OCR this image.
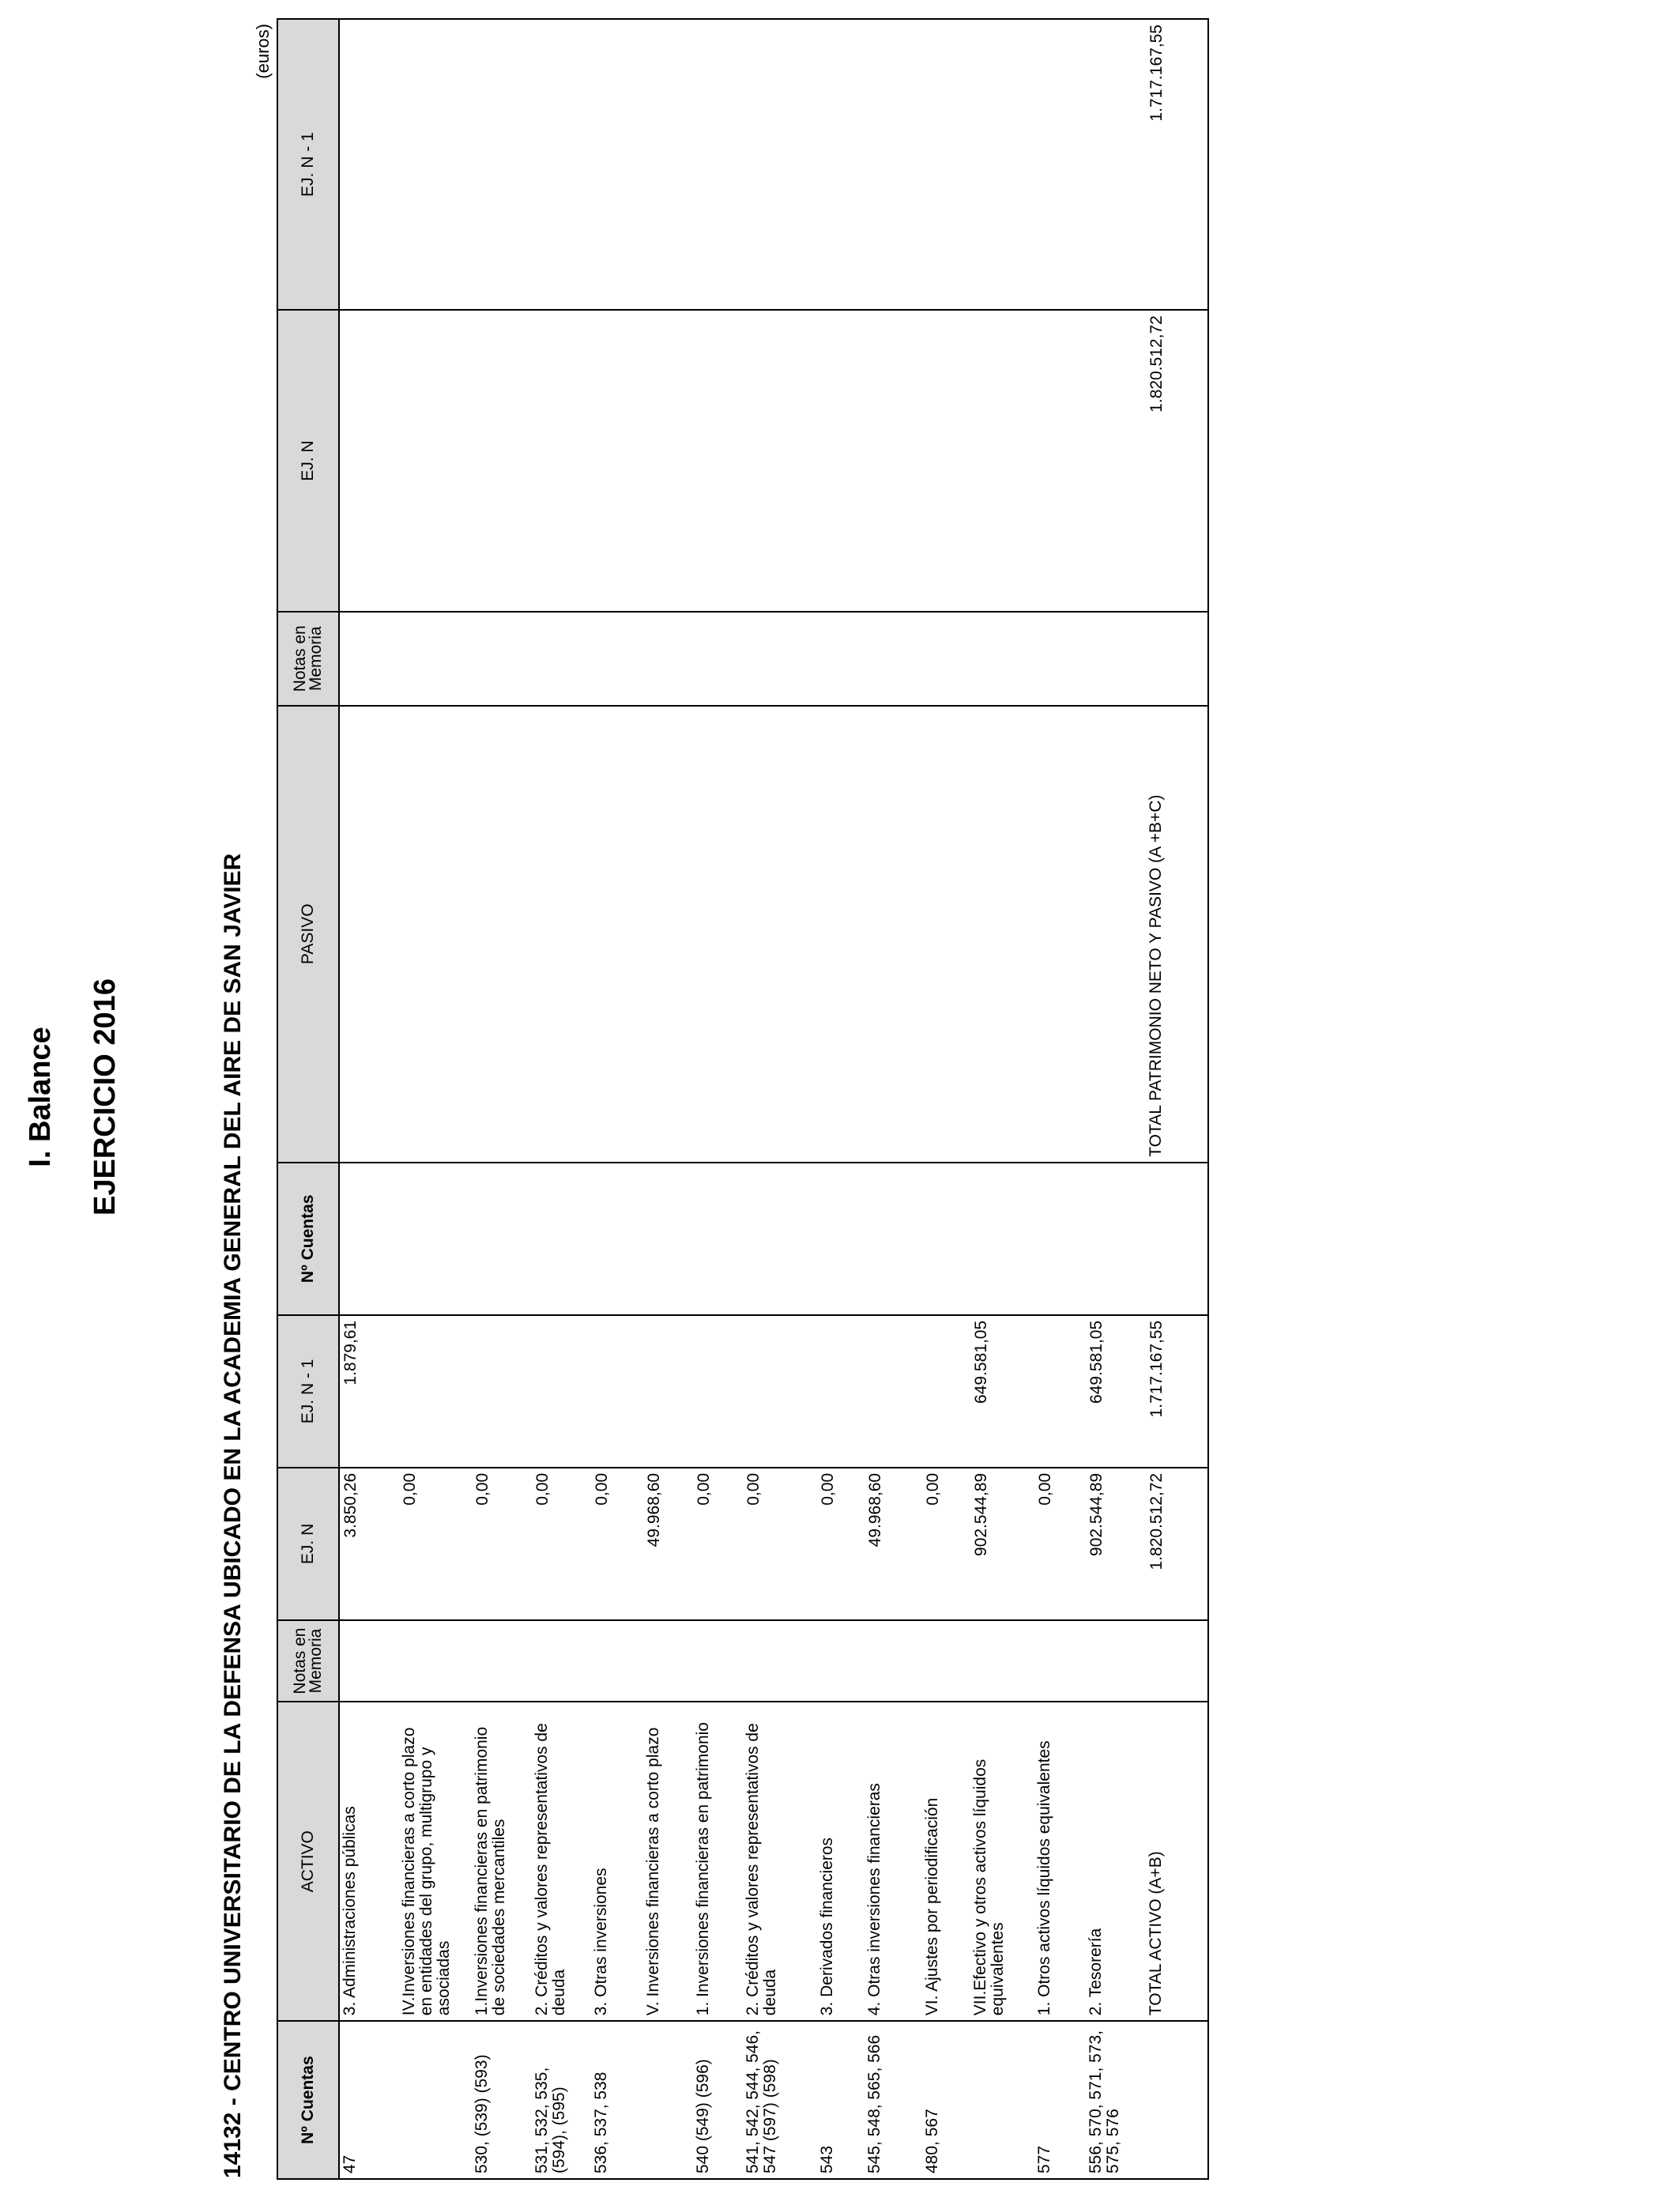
I. Balance EJERCICIO 2016	14132 - CENTRO UNIVERSITARIO DE LA DEFENSA UBICADO EN LA ACADEMIA GENERAL DEL AIRE DE SAN JAVIER
(euros)
Nº Cuentas	ACTIVO	Notas en Memoria	EJ. N	EJ. N - 1	Nº Cuentas	PASIVO	Notas en Memoria	EJ. N	EJ. N - 1
47	3. Administraciones públicas		3.850,26	1.879,61					
	IV.Inversiones financieras a corto plazo en entidades del grupo, multigrupo y asociadas		0,00						
530, (539) (593)	1.Inversiones financieras en patrimonio de sociedades mercantiles		0,00						
531, 532, 535, (594), (595)	2. Créditos y valores representativos de deuda		0,00						
536, 537, 538	3. Otras inversiones		0,00						
	V. Inversiones financieras a corto plazo		49.968,60						
540 (549) (596)	1. Inversiones financieras en patrimonio		0,00						
541, 542, 544, 546, 547 (597) (598)	2. Créditos y valores representativos de deuda		0,00						
543	3. Derivados financieros		0,00						
545, 548, 565, 566	4. Otras inversiones financieras		49.968,60						
480, 567	VI. Ajustes por periodificación		0,00						
	VII.Efectivo y otros activos líquidos equivalentes		902.544,89	649.581,05					
577	1. Otros activos líquidos equivalentes		0,00						
556, 570, 571, 573, 575, 576	2. Tesorería		902.544,89	649.581,05					
	TOTAL ACTIVO (A+B)		1.820.512,72	1.717.167,55		TOTAL PATRIMONIO NETO Y PASIVO (A +B+C)		1.820.512,72	1.717.167,55
